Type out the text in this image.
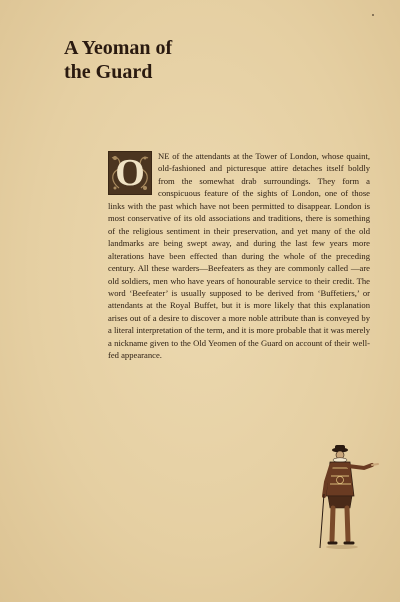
A Yeoman of
the Guard

O	NE of the attendants at the Tower of London, whose quaint, old-fashioned and picturesque attire detaches itself boldly from the somewhat drab surroundings. They form a conspicuous feature of the sights of London, one of those links with the past which have not been permitted to disappear. London is most conservative of its old associations and traditions, there is something of the religious sentiment in their preservation, and yet many of the old landmarks are being swept away, and during the last few years more alterations have been effected than during the whole of the preceding century. All these warders—Beefeaters as they are commonly called —are old soldiers, men who have years of honourable service to their credit. The word ‘Beefeater’ is usually supposed to be derived from ‘Buffetiers,’ or attendants at the Royal Buffet, but it is more likely that this explanation arises out of a desire to discover a more noble attribute than is conveyed by a literal interpretation of the term, and it is more probable that it was merely a nickname given to the Old Yeomen of the Guard on account of their well-fed appearance.
